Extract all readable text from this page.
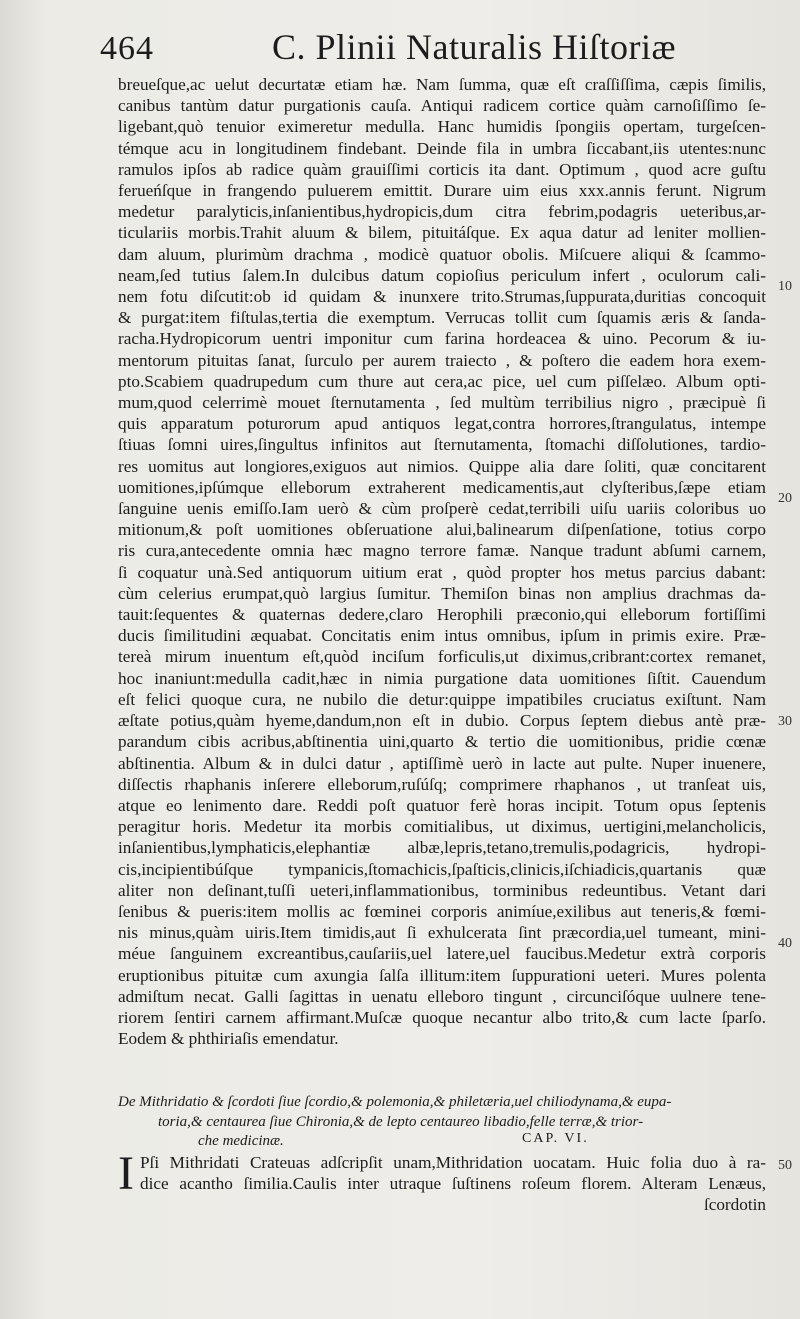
464	C. Plinii Naturalis Hiſtoriæ
breueſque,ac uelut decurtatæ etiam hæ. Nam ſumma, quæ eſt craſſiſſima, cæpis ſimilis,
canibus tantùm datur purgationis cauſa. Antiqui radicem cortice quàm carnoſiſſimo ſe-
ligebant,quò tenuior eximeretur medulla. Hanc humidis ſpongiis opertam, turgeſcen-
témque acu in longitudinem findebant. Deinde fila in umbra ſiccabant,iis utentes:nunc
ramulos ipſos ab radice quàm grauiſſimi corticis ita dant. Optimum , quod acre guſtu
ferueńſque in frangendo puluerem emittit. Durare uim eius xxx.annis ferunt. Nigrum
medetur paralyticis,inſanientibus,hydropicis,dum citra febrim,podagris ueteribus,ar-
ticulariis morbis.Trahit aluum & bilem, pituitáſque. Ex aqua datur ad leniter mollien-
dam aluum, plurimùm drachma , modicè quatuor obolis. Miſcuere aliqui & ſcammo-
neam,ſed tutius ſalem.In dulcibus datum copioſius periculum infert , oculorum cali-
nem fotu diſcutit:ob id quidam & inunxere trito.Strumas,ſuppurata,duritias concoquit
& purgat:item fiſtulas,tertia die exemptum. Verrucas tollit cum ſquamis æris & ſanda-
racha.Hydropicorum uentri imponitur cum farina hordeacea & uino. Pecorum & iu-
mentorum pituitas ſanat, ſurculo per aurem traiecto , & poſtero die eadem hora exem-
pto.Scabiem quadrupedum cum thure aut cera,ac pice, uel cum piſſelæo. Album opti-
mum,quod celerrimè mouet ſternutamenta , ſed multùm terribilius nigro , præcipuè ſi
quis apparatum poturorum apud antiquos legat,contra horrores,ſtrangulatus, intempe
ſtiuas ſomni uires,ſingultus infinitos aut ſternutamenta, ſtomachi diſſolutiones, tardio-
res uomitus aut longiores,exiguos aut nimios. Quippe alia dare ſoliti, quæ concitarent
uomitiones,ipſúmque elleborum extraherent medicamentis,aut clyſteribus,ſæpe etiam
ſanguine uenis emiſſo.Iam uerò & cùm proſperè cedat,terribili uiſu uariis coloribus uo
mitionum,& poſt uomitiones obſeruatione alui,balinearum diſpenſatione, totius corpo
ris cura,antecedente omnia hæc magno terrore famæ. Nanque tradunt abſumi carnem,
ſi coquatur unà.Sed antiquorum uitium erat , quòd propter hos metus parcius dabant:
cùm celerius erumpat,quò largius ſumitur. Themiſon binas non amplius drachmas da-
tauit:ſequentes & quaternas dedere,claro Herophili præconio,qui elleborum fortiſſimi
ducis ſimilitudini æquabat. Concitatis enim intus omnibus, ipſum in primis exire. Præ-
tereà mirum inuentum eſt,quòd inciſum forficulis,ut diximus,cribrant:cortex remanet,
hoc inaniunt:medulla cadit,hæc in nimia purgatione data uomitiones ſiſtit. Cauendum
eſt felici quoque cura, ne nubilo die detur:quippe impatibiles cruciatus exiſtunt. Nam
æſtate potius,quàm hyeme,dandum,non eſt in dubio. Corpus ſeptem diebus antè præ-
parandum cibis acribus,abſtinentia uini,quarto & tertio die uomitionibus, pridie cœnæ
abſtinentia. Album & in dulci datur , aptiſſimè uerò in lacte aut pulte. Nuper inuenere,
diſſectis rhaphanis inſerere elleborum,ruſúſq; comprimere rhaphanos , ut tranſeat uis,
atque eo lenimento dare. Reddi poſt quatuor ferè horas incipit. Totum opus ſeptenis
peragitur horis. Medetur ita morbis comitialibus, ut diximus, uertigini,melancholicis,
inſanientibus,lymphaticis,elephantiæ albæ,lepris,tetano,tremulis,podagricis, hydropi-
cis,incipientibúſque tympanicis,ſtomachicis,ſpaſticis,clinicis,iſchiadicis,quartanis quæ
aliter non deſinant,tuſſi ueteri,inflammationibus, torminibus redeuntibus. Vetant dari
ſenibus & pueris:item mollis ac fœminei corporis animíue,exilibus aut teneris,& fœmi-
nis minus,quàm uiris.Item timidis,aut ſi exhulcerata ſint præcordia,uel tumeant, mini-
méue ſanguinem excreantibus,cauſariis,uel latere,uel faucibus.Medetur extrà corporis
eruptionibus pituitæ cum axungia ſalſa illitum:item ſuppurationi ueteri. Mures polenta
admiſtum necat. Galli ſagittas in uenatu elleboro tingunt , circunciſóque uulnere tene-
riorem ſentiri carnem affirmant.Muſcæ quoque necantur albo trito,& cum lacte ſparſo.
Eodem & phthiriaſis emendatur.
10
20
30
40
50
De Mithridatio & ſcordoti ſiue ſcordio,& polemonia,& philetæria,uel chiliodynama,& eupa-
toria,& centaurea ſiue Chironia,& de lepto centaureo libadio,felle terræ,& trior-
che medicinæ.	CAP. VI.
I Pſi Mithridati Crateuas adſcripſit unam,Mithridation uocatam. Huic folia duo à ra-
dice acantho ſimilia.Caulis inter utraque ſuſtinens roſeum florem. Alteram Lenæus,
ſcordotin
